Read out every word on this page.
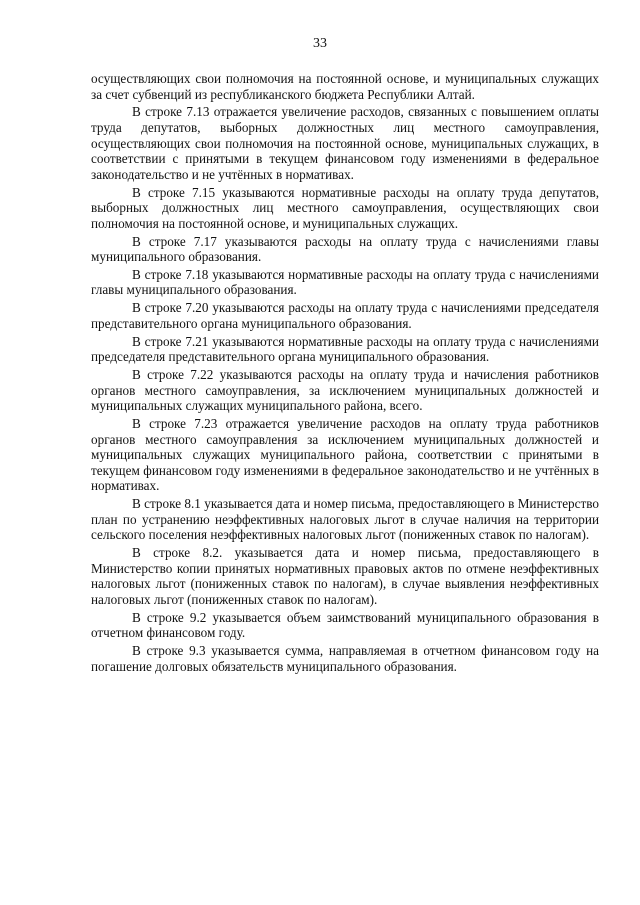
33

осуществляющих свои полномочия на постоянной основе, и муниципальных служащих за счет субвенций из республиканского бюджета Республики Алтай.

В строке 7.13 отражается увеличение расходов, связанных с повышением оплаты труда депутатов, выборных должностных лиц местного самоуправления, осуществляющих свои полномочия на постоянной основе, муниципальных служащих, в соответствии с принятыми в текущем финансовом году изменениями в федеральное законодательство и не учтённых в нормативах.

В строке 7.15 указываются нормативные расходы на оплату труда депутатов, выборных должностных лиц местного самоуправления, осуществляющих свои полномочия на постоянной основе, и муниципальных служащих.

В строке 7.17 указываются расходы на оплату труда с начислениями главы муниципального образования.

В строке 7.18 указываются нормативные расходы на оплату труда с начислениями главы муниципального образования.

В строке 7.20 указываются расходы на оплату труда с начислениями председателя представительного органа муниципального образования.

В строке 7.21 указываются нормативные расходы на оплату труда с начислениями председателя представительного органа муниципального образования.

В строке 7.22 указываются расходы на оплату труда и начисления работников органов местного самоуправления, за исключением муниципальных должностей и муниципальных служащих муниципального района, всего.

В строке 7.23 отражается увеличение расходов на оплату труда работников органов местного самоуправления за исключением муниципальных должностей и муниципальных служащих муниципального района, соответствии с принятыми в текущем финансовом году изменениями в федеральное законодательство и не учтённых в нормативах.

В строке 8.1 указывается дата и номер письма, предоставляющего в Министерство план по устранению неэффективных налоговых льгот в случае наличия на территории сельского поселения неэффективных налоговых льгот (пониженных ставок по налогам).

В строке 8.2. указывается дата и номер письма, предоставляющего в Министерство копии принятых нормативных правовых актов по отмене неэффективных налоговых льгот (пониженных ставок по налогам), в случае выявления неэффективных налоговых льгот (пониженных ставок по налогам).

В строке 9.2 указывается объем заимствований муниципального образования в отчетном финансовом году.

В строке 9.3 указывается сумма, направляемая в отчетном финансовом году на погашение долговых обязательств муниципального образования.
